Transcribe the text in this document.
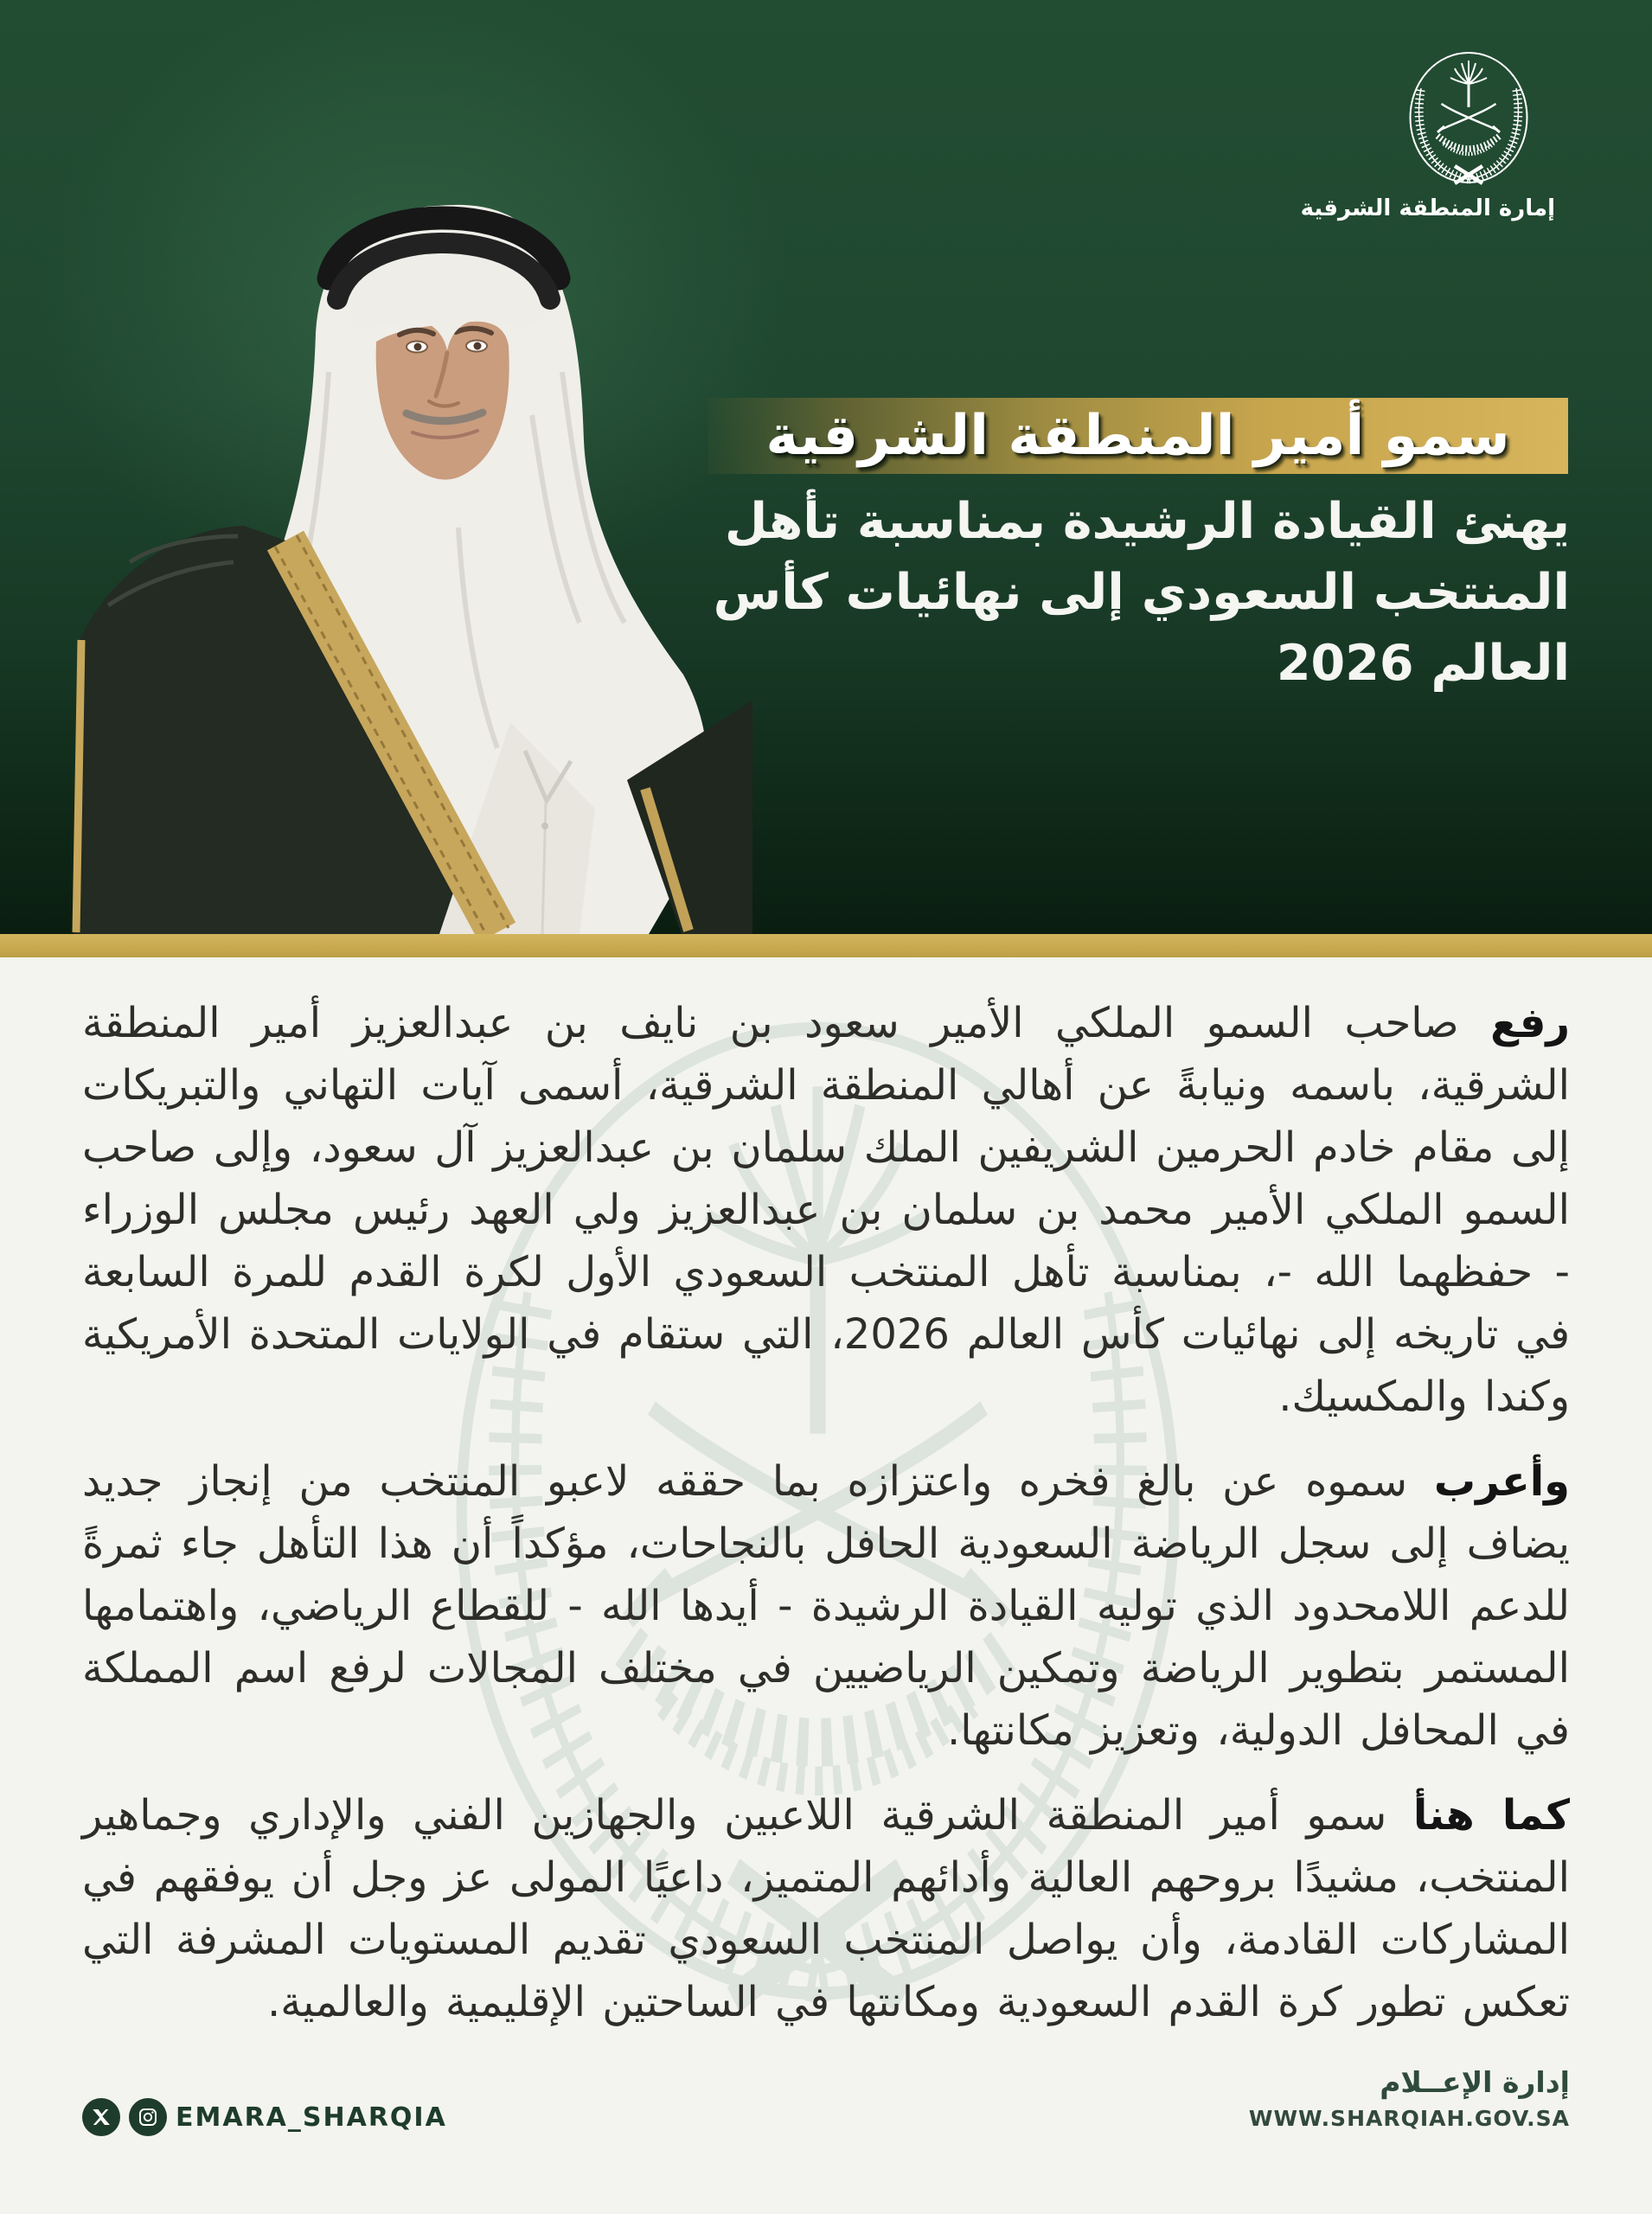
إمارة المنطقة الشرقية
سمو أمير المنطقة الشرقية
يهنئ القيادة الرشيدة بمناسبة تأهل
المنتخب السعودي إلى نهائيات كأس
العالم 2026

رفع صاحب السمو الملكي الأمير سعود بن نايف بن عبدالعزيز أمير المنطقة الشرقية، باسمه ونيابةً عن أهالي المنطقة الشرقية، أسمى آيات التهاني والتبريكات إلى مقام خادم الحرمين الشريفين الملك سلمان بن عبدالعزيز آل سعود، وإلى صاحب السمو الملكي الأمير محمد بن سلمان بن عبدالعزيز ولي العهد رئيس مجلس الوزراء - حفظهما الله -، بمناسبة تأهل المنتخب السعودي الأول لكرة القدم للمرة السابعة في تاريخه إلى نهائيات كأس العالم 2026، التي ستقام في الولايات المتحدة الأمريكية وكندا والمكسيك.

وأعرب سموه عن بالغ فخره واعتزازه بما حققه لاعبو المنتخب من إنجاز جديد يضاف إلى سجل الرياضة السعودية الحافل بالنجاحات، مؤكداً أن هذا التأهل جاء ثمرةً للدعم اللامحدود الذي توليه القيادة الرشيدة - أيدها الله - للقطاع الرياضي، واهتمامها المستمر بتطوير الرياضة وتمكين الرياضيين في مختلف المجالات لرفع اسم المملكة في المحافل الدولية، وتعزيز مكانتها.

كما هنأ سمو أمير المنطقة الشرقية اللاعبين والجهازين الفني والإداري وجماهير المنتخب، مشيدًا بروحهم العالية وأدائهم المتميز، داعيًا المولى عز وجل أن يوفقهم في المشاركات القادمة، وأن يواصل المنتخب السعودي تقديم المستويات المشرفة التي تعكس تطور كرة القدم السعودية ومكانتها في الساحتين الإقليمية والعالمية.

EMARA_SHARQIA
إدارة الإعــلام
WWW.SHARQIAH.GOV.SA
